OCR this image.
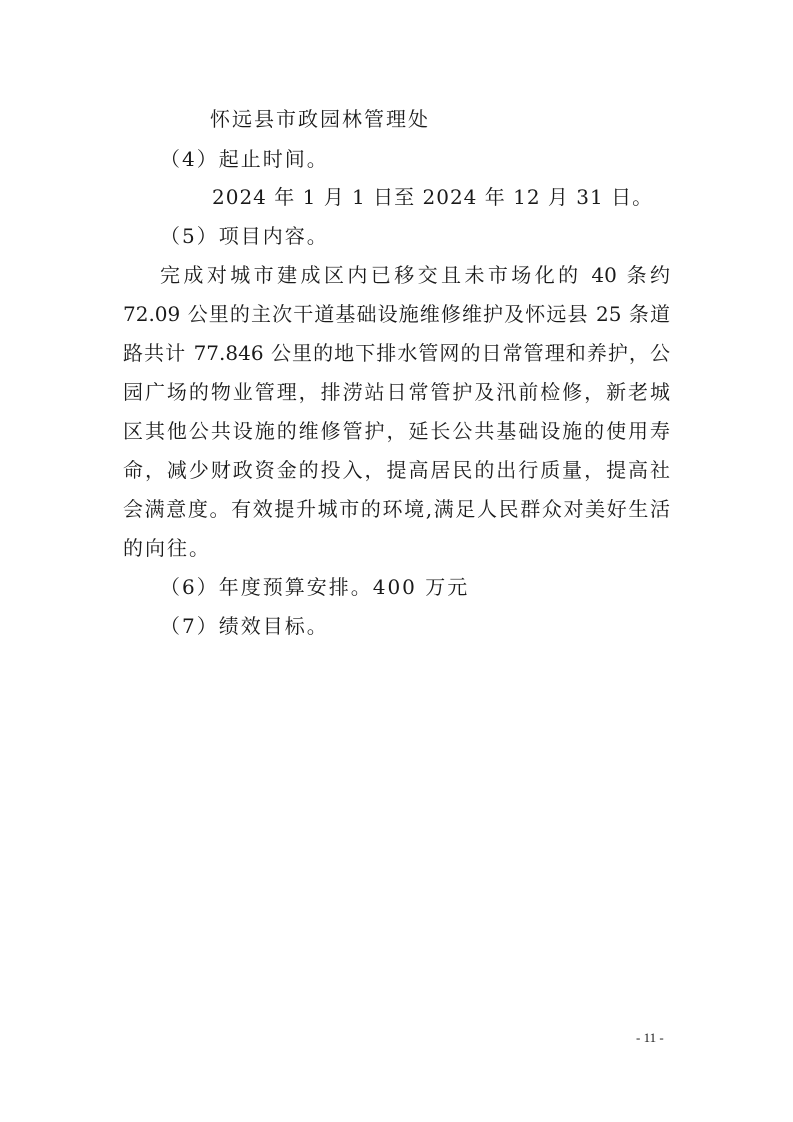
怀远县市政园林管理处
（4）起止时间。
2024 年 1 月 1 日至 2024 年 12 月 31 日。
（5）项目内容。
完成对城市建成区内已移交且未市场化的 40 条约
72.09 公里的主次干道基础设施维修维护及怀远县 25 条道
路共计 77.846 公里的地下排水管网的日常管理和养护，公
园广场的物业管理，排涝站日常管护及汛前检修，新老城
区其他公共设施的维修管护，延长公共基础设施的使用寿
命，减少财政资金的投入，提高居民的出行质量，提高社
会满意度。有效提升城市的环境,满足人民群众对美好生活
的向往。
（6）年度预算安排。400 万元
（7）绩效目标。
- 11 -
